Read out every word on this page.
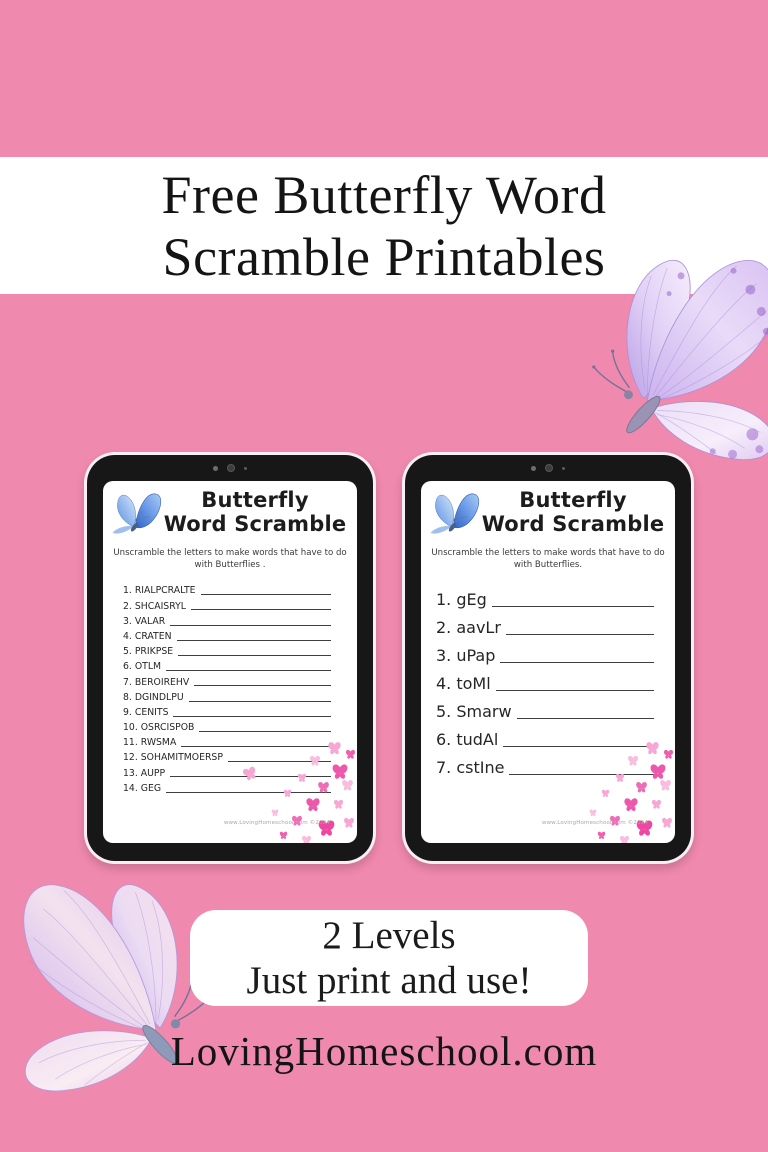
Free Butterfly Word
Scramble Printables
Butterfly
Word Scramble
Unscramble the letters to make words that have to do
with Butterflies .
1. RIALPCRALTE
2. SHCAISRYL
3. VALAR
4. CRATEN
5. PRIKPSE
6. OTLM
7. BEROIREHV
8. DGINDLPU
9. CENITS
10. OSRCISPOB
11. RWSMA
12. SOHAMITMOERSP
13. AUPP
14. GEG
www.LovingHomeschool.com ©2024
Butterfly
Word Scramble
Unscramble the letters to make words that have to do
with Butterflies.
1. gEg
2. aavLr
3. uPap
4. toMl
5. Smarw
6. tudAl
7. cstIne
www.LovingHomeschool.com ©2024
2 Levels
Just print and use!
LovingHomeschool.com
